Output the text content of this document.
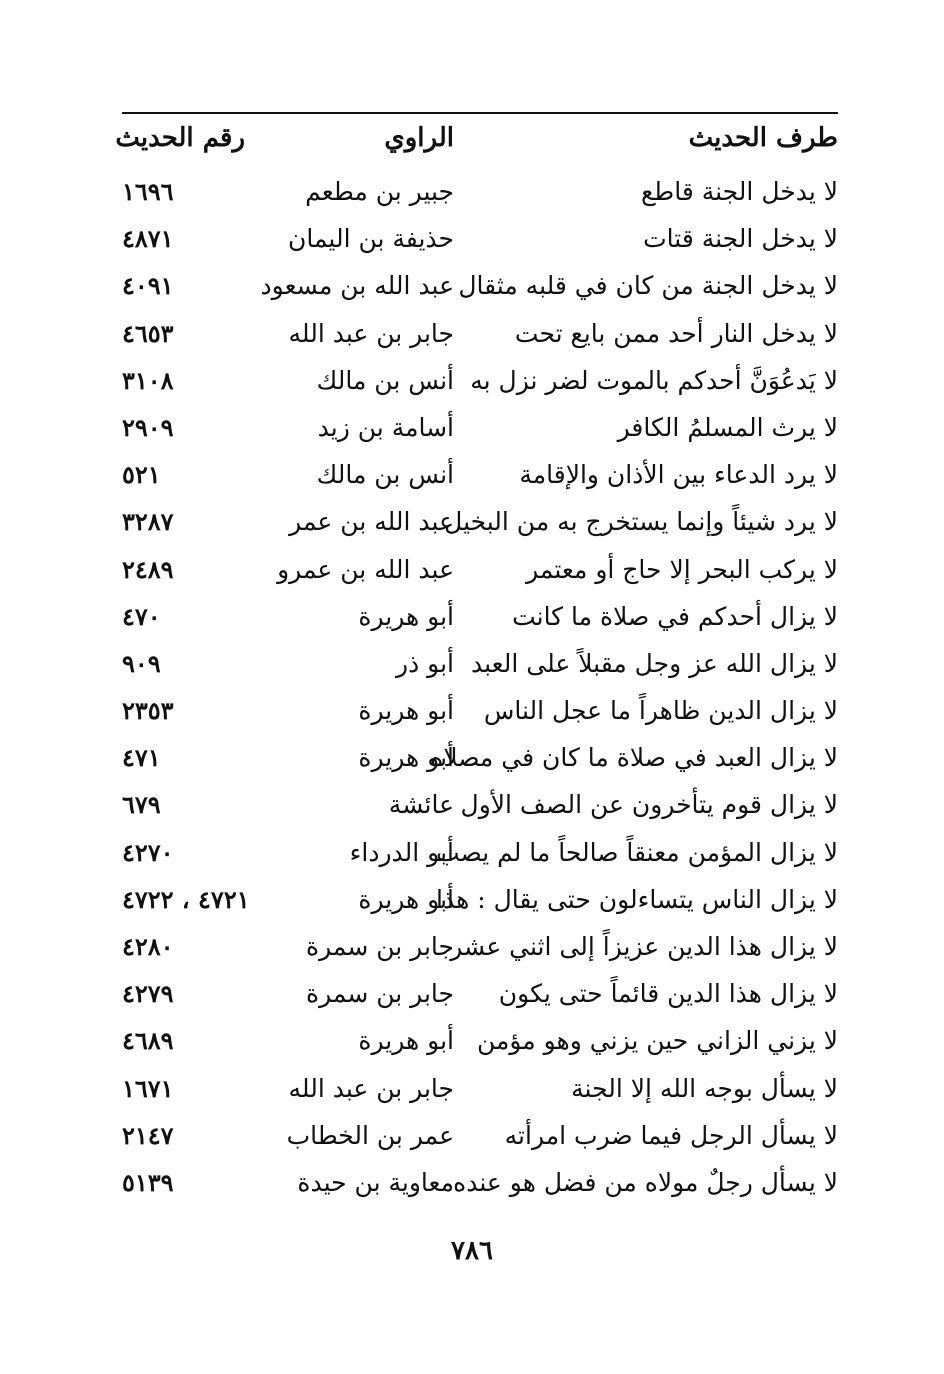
طرف الحديث
الراوي
رقم الحديث
لا يدخل الجنة قاطع
جبير بن مطعم
١٦٩٦
لا يدخل الجنة قتات
حذيفة بن اليمان
٤٨٧١
لا يدخل الجنة من كان في قلبه مثقال
عبد الله بن مسعود
٤٠٩١
لا يدخل النار أحد ممن بايع تحت
جابر بن عبد الله
٤٦٥٣
لا يَدعُوَنَّ أحدكم بالموت لضر نزل به
أنس بن مالك
٣١٠٨
لا يرث المسلمُ الكافر
أسامة بن زيد
٢٩٠٩
لا يرد الدعاء بين الأذان والإقامة
أنس بن مالك
٥٢١
لا يرد شيئاً وإنما يستخرج به من البخيل
عبد الله بن عمر
٣٢٨٧
لا يركب البحر إلا حاج أو معتمر
عبد الله بن عمرو
٢٤٨٩
لا يزال أحدكم في صلاة ما كانت
أبو هريرة
٤٧٠
لا يزال الله عز وجل مقبلاً على العبد
أبو ذر
٩٠٩
لا يزال الدين ظاهراً ما عجل الناس
أبو هريرة
٢٣٥٣
لا يزال العبد في صلاة ما كان في مصلاه
أبو هريرة
٤٧١
لا يزال قوم يتأخرون عن الصف الأول
عائشة
٦٧٩
لا يزال المؤمن معنقاً صالحاً ما لم يصب
أبو الدرداء
٤٢٧٠
لا يزال الناس يتساءلون حتى يقال : هذا
أبو هريرة
٤٧٢١ ، ٤٧٢٢
لا يزال هذا الدين عزيزاً إلى اثني عشر
جابر بن سمرة
٤٢٨٠
لا يزال هذا الدين قائماً حتى يكون
جابر بن سمرة
٤٢٧٩
لا يزني الزاني حين يزني وهو مؤمن
أبو هريرة
٤٦٨٩
لا يسأل بوجه الله إلا الجنة
جابر بن عبد الله
١٦٧١
لا يسأل الرجل فيما ضرب امرأته
عمر بن الخطاب
٢١٤٧
لا يسأل رجلٌ مولاه من فضل هو عنده
معاوية بن حيدة
٥١٣٩
٧٨٦
